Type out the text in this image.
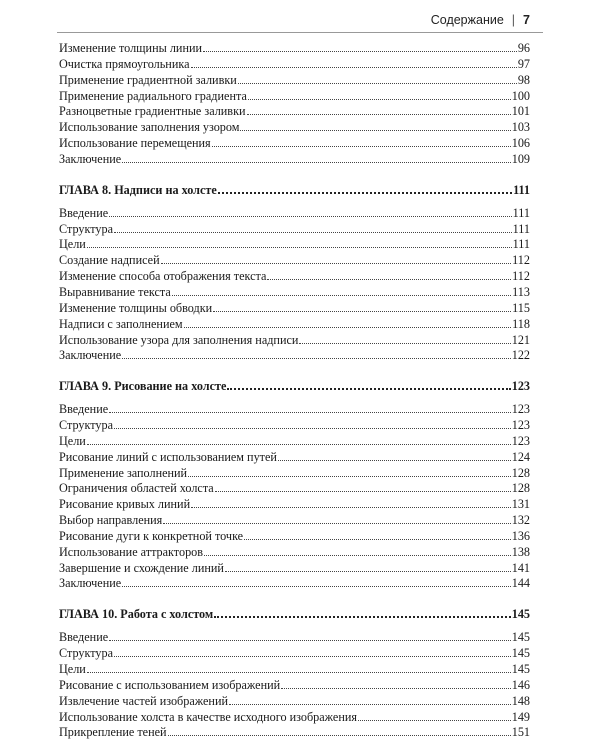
Содержание | 7
Изменение толщины линии	96
Очистка прямоугольника	97
Применение градиентной заливки	98
Применение радиального градиента	100
Разноцветные градиентные заливки	101
Использование заполнения узором	103
Использование перемещения	106
Заключение	109
ГЛАВА 8. Надписи на холсте	111
Введение	111
Структура	111
Цели	111
Создание надписей	112
Изменение способа отображения текста	112
Выравнивание текста	113
Изменение толщины обводки	115
Надписи с заполнением	118
Использование узора для заполнения надписи	121
Заключение	122
ГЛАВА 9. Рисование на холсте	123
Введение	123
Структура	123
Цели	123
Рисование линий с использованием путей	124
Применение заполнений	128
Ограничения областей холста	128
Рисование кривых линий	131
Выбор направления	132
Рисование дуги к конкретной точке	136
Использование аттракторов	138
Завершение и схождение линий	141
Заключение	144
ГЛАВА 10. Работа с холстом	145
Введение	145
Структура	145
Цели	145
Рисование с использованием изображений	146
Извлечение частей изображений	148
Использование холста в качестве исходного изображения	149
Прикрепление теней	151
